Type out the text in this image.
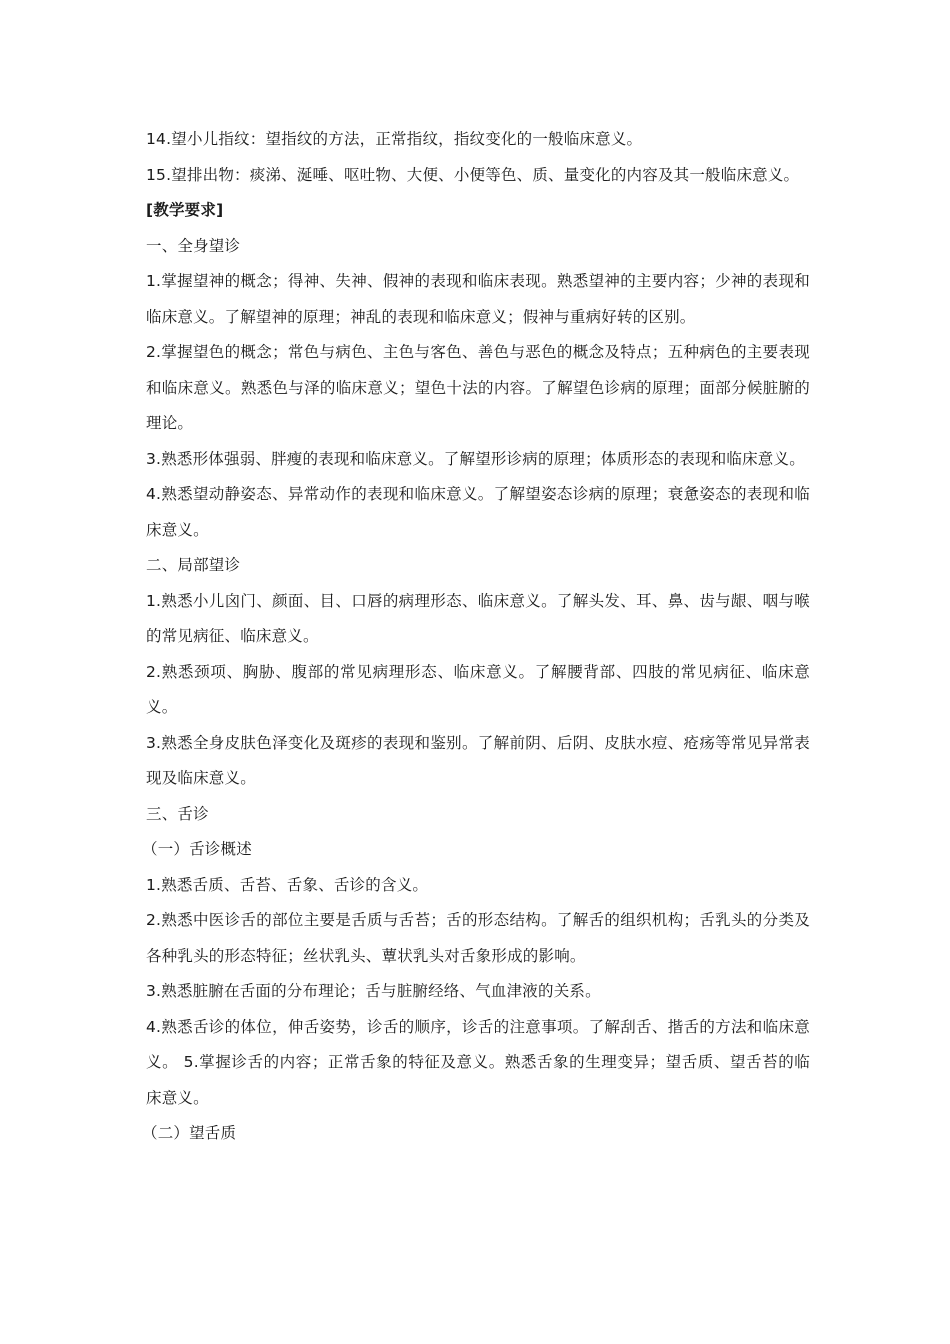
14.望小儿指纹：望指纹的方法，正常指纹，指纹变化的一般临床意义。

15.望排出物：痰涕、涎唾、呕吐物、大便、小便等色、质、量变化的内容及其一般临床意义。

[教学要求]

一、全身望诊

1.掌握望神的概念；得神、失神、假神的表现和临床表现。熟悉望神的主要内容；少神的表现和临床意义。了解望神的原理；神乱的表现和临床意义；假神与重病好转的区别。

2.掌握望色的概念；常色与病色、主色与客色、善色与恶色的概念及特点；五种病色的主要表现和临床意义。熟悉色与泽的临床意义；望色十法的内容。了解望色诊病的原理；面部分候脏腑的理论。

3.熟悉形体强弱、胖瘦的表现和临床意义。了解望形诊病的原理；体质形态的表现和临床意义。

4.熟悉望动静姿态、异常动作的表现和临床意义。了解望姿态诊病的原理；衰惫姿态的表现和临床意义。

二、局部望诊

1.熟悉小儿囟门、颜面、目、口唇的病理形态、临床意义。了解头发、耳、鼻、齿与龈、咽与喉的常见病征、临床意义。

2.熟悉颈项、胸胁、腹部的常见病理形态、临床意义。了解腰背部、四肢的常见病征、临床意义。

3.熟悉全身皮肤色泽变化及斑疹的表现和鉴别。了解前阴、后阴、皮肤水痘、疮疡等常见异常表现及临床意义。

三、舌诊

（一）舌诊概述

1.熟悉舌质、舌苔、舌象、舌诊的含义。

2.熟悉中医诊舌的部位主要是舌质与舌苔；舌的形态结构。了解舌的组织机构；舌乳头的分类及各种乳头的形态特征；丝状乳头、蕈状乳头对舌象形成的影响。

3.熟悉脏腑在舌面的分布理论；舌与脏腑经络、气血津液的关系。

4.熟悉舌诊的体位，伸舌姿势，诊舌的顺序，诊舌的注意事项。了解刮舌、揩舌的方法和临床意义。 5.掌握诊舌的内容；正常舌象的特征及意义。熟悉舌象的生理变异；望舌质、望舌苔的临床意义。

（二）望舌质
